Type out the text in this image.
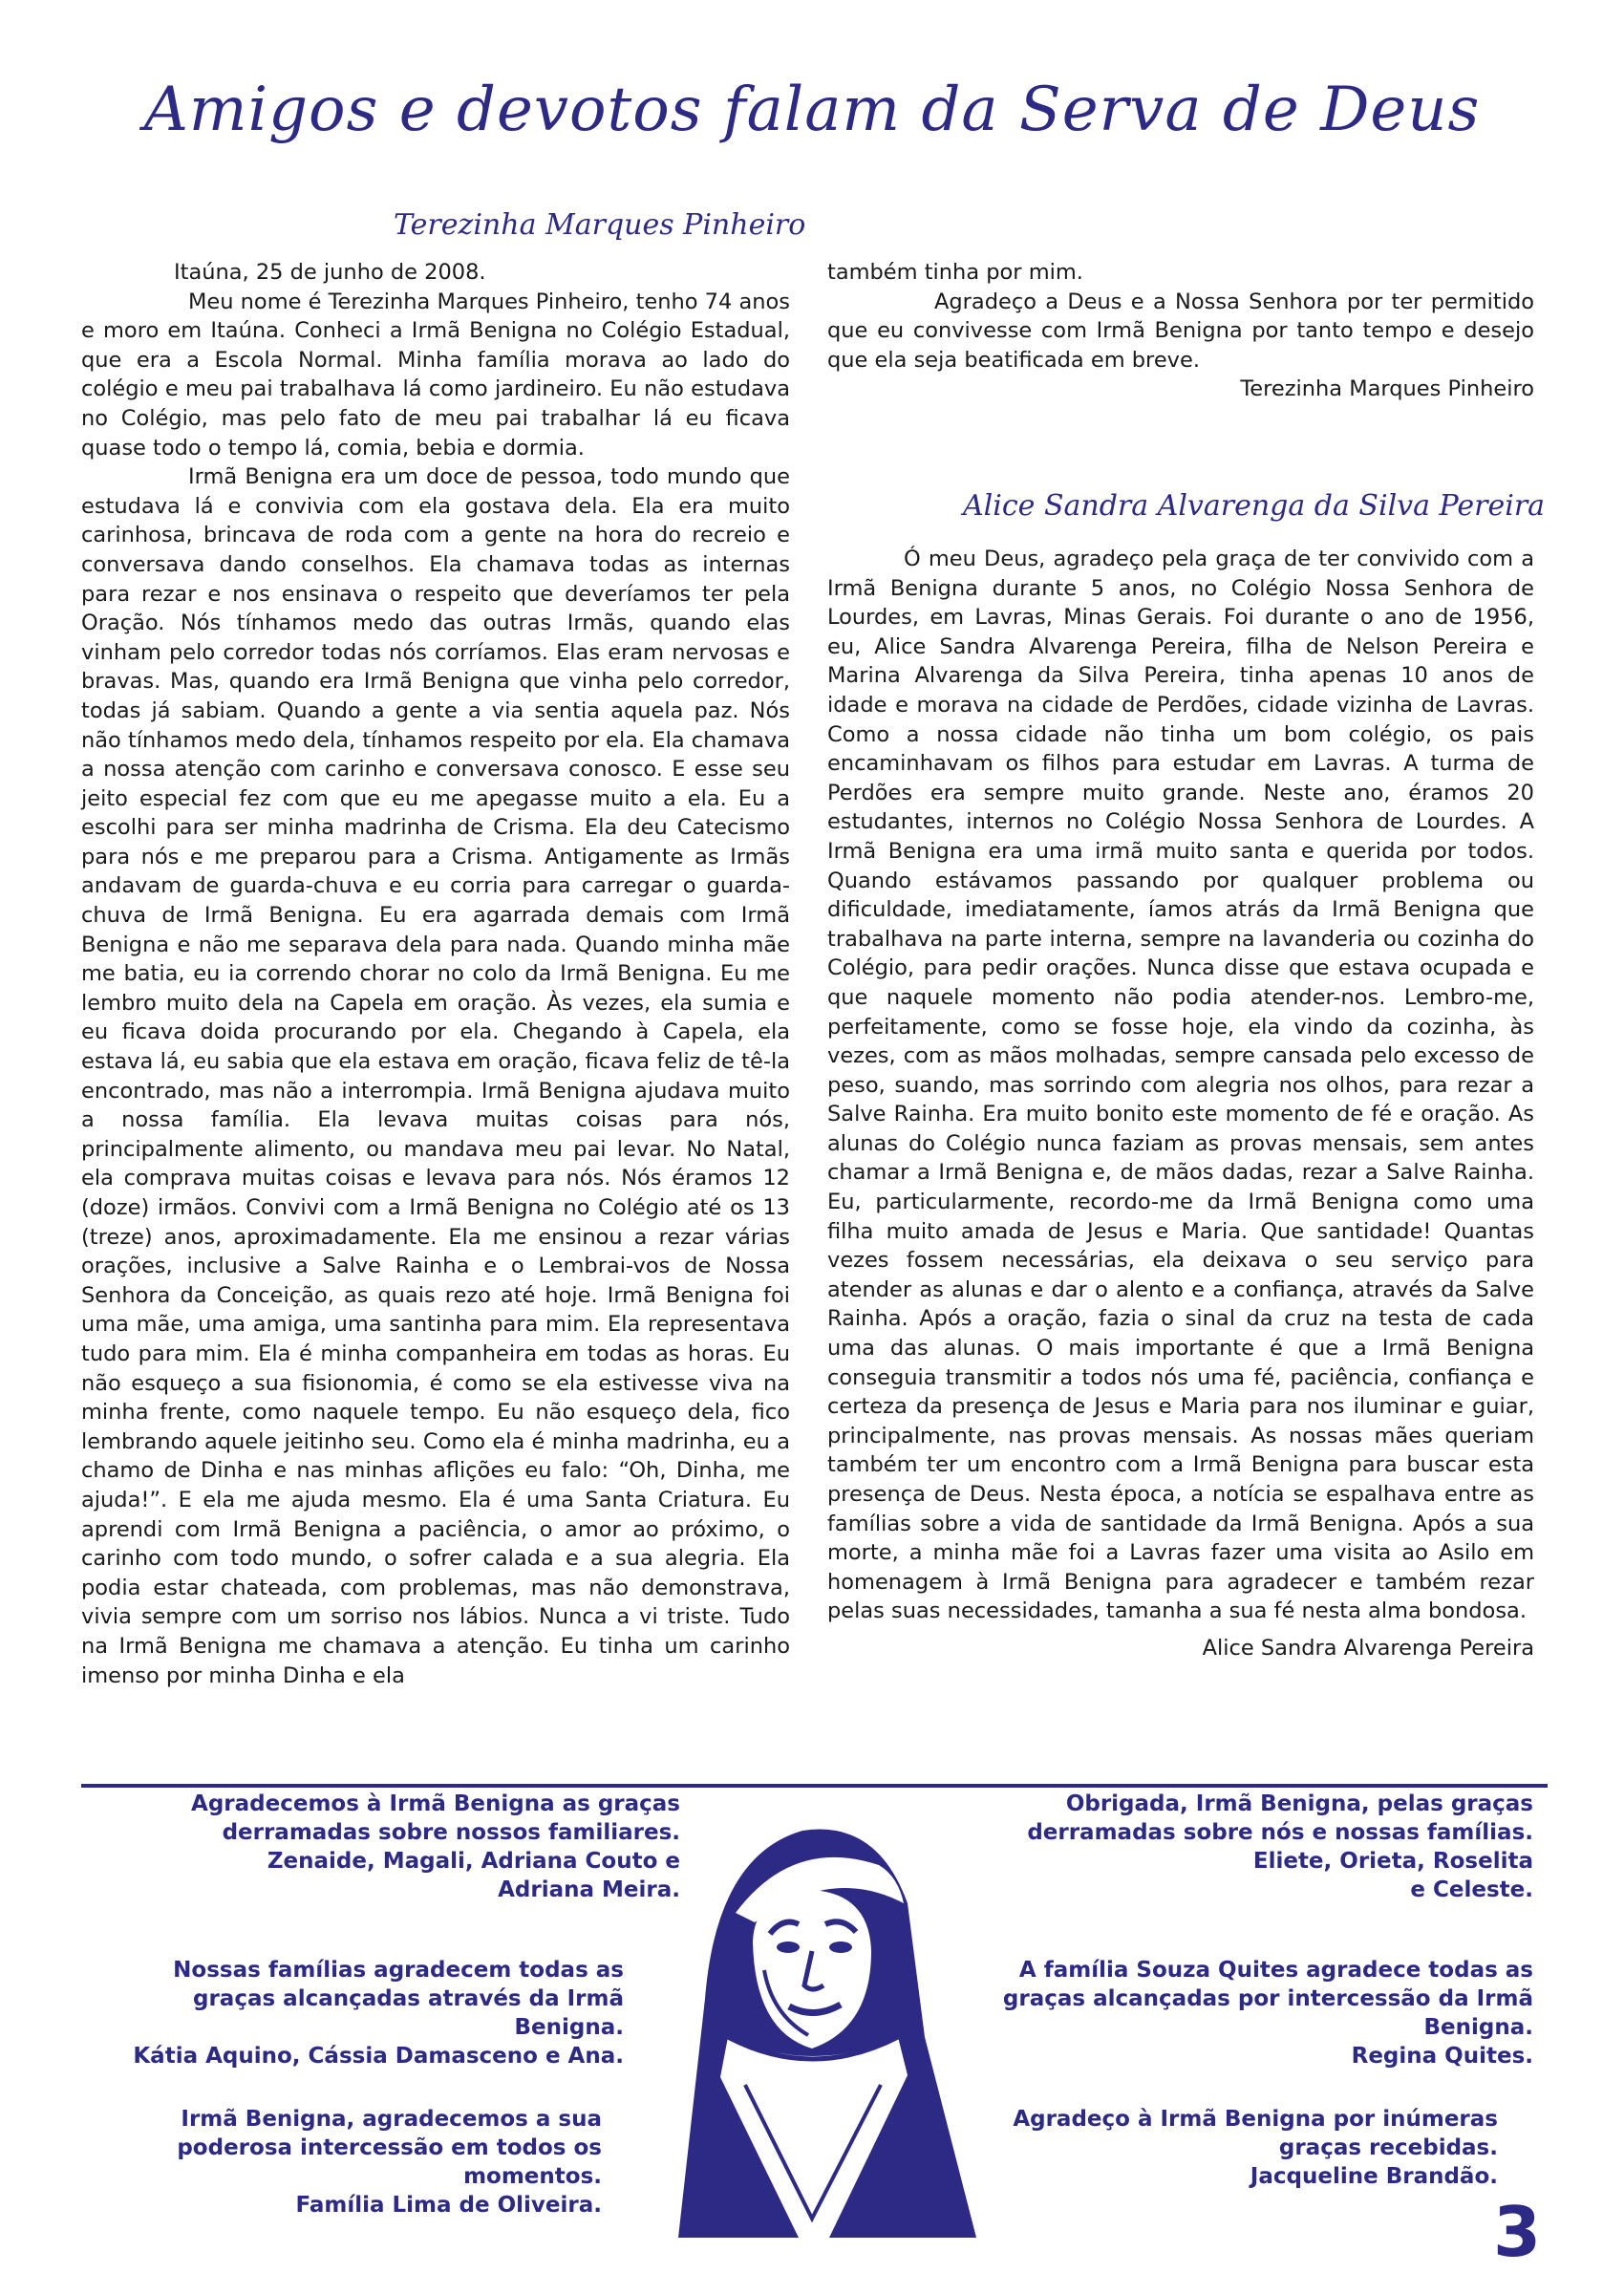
Amigos e devotos falam da Serva de Deus
Terezinha Marques Pinheiro

Itaúna, 25 de junho de 2008.

Meu nome é Terezinha Marques Pinheiro, tenho 74 anos e moro em Itaúna. Conheci a Irmã Benigna no Colégio Estadual, que era a Escola Normal. Minha família morava ao lado do colégio e meu pai trabalhava lá como jardineiro. Eu não estudava no Colégio, mas pelo fato de meu pai trabalhar lá eu ficava quase todo o tempo lá, comia, bebia e dormia.

Irmã Benigna era um doce de pessoa, todo mundo que estudava lá e convivia com ela gostava dela. Ela era muito carinhosa, brincava de roda com a gente na hora do recreio e conversava dando conselhos. Ela chamava todas as internas para rezar e nos ensinava o respeito que deveríamos ter pela Oração. Nós tínhamos medo das outras Irmãs, quando elas vinham pelo corredor todas nós corríamos. Elas eram nervosas e bravas. Mas, quando era Irmã Benigna que vinha pelo corredor, todas já sabiam. Quando a gente a via sentia aquela paz. Nós não tínhamos medo dela, tínhamos respeito por ela. Ela chamava a nossa atenção com carinho e conversava conosco. E esse seu jeito especial fez com que eu me apegasse muito a ela. Eu a escolhi para ser minha madrinha de Crisma. Ela deu Catecismo para nós e me preparou para a Crisma. Antigamente as Irmãs andavam de guarda-chuva e eu corria para carregar o guarda-chuva de Irmã Benigna. Eu era agarrada demais com Irmã Benigna e não me separava dela para nada. Quando minha mãe me batia, eu ia correndo chorar no colo da Irmã Benigna. Eu me lembro muito dela na Capela em oração. Às vezes, ela sumia e eu ficava doida procurando por ela. Chegando à Capela, ela estava lá, eu sabia que ela estava em oração, ficava feliz de tê-la encontrado, mas não a interrompia. Irmã Benigna ajudava muito a nossa família. Ela levava muitas coisas para nós, principalmente alimento, ou mandava meu pai levar. No Natal, ela comprava muitas coisas e levava para nós. Nós éramos 12 (doze) irmãos. Convivi com a Irmã Benigna no Colégio até os 13 (treze) anos, aproximadamente. Ela me ensinou a rezar várias orações, inclusive a Salve Rainha e o Lembrai-vos de Nossa Senhora da Conceição, as quais rezo até hoje. Irmã Benigna foi uma mãe, uma amiga, uma santinha para mim. Ela representava tudo para mim. Ela é minha companheira em todas as horas. Eu não esqueço a sua fisionomia, é como se ela estivesse viva na minha frente, como naquele tempo. Eu não esqueço dela, fico lembrando aquele jeitinho seu. Como ela é minha madrinha, eu a chamo de Dinha e nas minhas aflições eu falo: “Oh, Dinha, me ajuda!”. E ela me ajuda mesmo. Ela é uma Santa Criatura. Eu aprendi com Irmã Benigna a paciência, o amor ao próximo, o carinho com todo mundo, o sofrer calada e a sua alegria. Ela podia estar chateada, com problemas, mas não demonstrava, vivia sempre com um sorriso nos lábios. Nunca a vi triste. Tudo na Irmã Benigna me chamava a atenção. Eu tinha um carinho imenso por minha Dinha e ela

também tinha por mim.

Agradeço a Deus e a Nossa Senhora por ter permitido que eu convivesse com Irmã Benigna por tanto tempo e desejo que ela seja beatificada em breve.

Terezinha Marques Pinheiro

Alice Sandra Alvarenga da Silva Pereira

Ó meu Deus, agradeço pela graça de ter convivido com a Irmã Benigna durante 5 anos, no Colégio Nossa Senhora de Lourdes, em Lavras, Minas Gerais. Foi durante o ano de 1956, eu, Alice Sandra Alvarenga Pereira, filha de Nelson Pereira e Marina Alvarenga da Silva Pereira, tinha apenas 10 anos de idade e morava na cidade de Perdões, cidade vizinha de Lavras. Como a nossa cidade não tinha um bom colégio, os pais encaminhavam os filhos para estudar em Lavras. A turma de Perdões era sempre muito grande. Neste ano, éramos 20 estudantes, internos no Colégio Nossa Senhora de Lourdes. A Irmã Benigna era uma irmã muito santa e querida por todos. Quando estávamos passando por qualquer problema ou dificuldade, imediatamente, íamos atrás da Irmã Benigna que trabalhava na parte interna, sempre na lavanderia ou cozinha do Colégio, para pedir orações. Nunca disse que estava ocupada e que naquele momento não podia atender-nos. Lembro-me, perfeitamente, como se fosse hoje, ela vindo da cozinha, às vezes, com as mãos molhadas, sempre cansada pelo excesso de peso, suando, mas sorrindo com alegria nos olhos, para rezar a Salve Rainha. Era muito bonito este momento de fé e oração. As alunas do Colégio nunca faziam as provas mensais, sem antes chamar a Irmã Benigna e, de mãos dadas, rezar a Salve Rainha. Eu, particularmente, recordo-me da Irmã Benigna como uma filha muito amada de Jesus e Maria. Que santidade! Quantas vezes fossem necessárias, ela deixava o seu serviço para atender as alunas e dar o alento e a confiança, através da Salve Rainha. Após a oração, fazia o sinal da cruz na testa de cada uma das alunas. O mais importante é que a Irmã Benigna conseguia transmitir a todos nós uma fé, paciência, confiança e certeza da presença de Jesus e Maria para nos iluminar e guiar, principalmente, nas provas mensais. As nossas mães queriam também ter um encontro com a Irmã Benigna para buscar esta presença de Deus. Nesta época, a notícia se espalhava entre as famílias sobre a vida de santidade da Irmã Benigna. Após a sua morte, a minha mãe foi a Lavras fazer uma visita ao Asilo em homenagem à Irmã Benigna para agradecer e também rezar pelas suas necessidades, tamanha a sua fé nesta alma bondosa.

Alice Sandra Alvarenga Pereira

Agradecemos à Irmã Benigna as graças
derramadas sobre nossos familiares.
Zenaide, Magali, Adriana Couto e
Adriana Meira.
Nossas famílias agradecem todas as
graças alcançadas através da Irmã
Benigna.
Kátia Aquino, Cássia Damasceno e Ana.
Irmã Benigna, agradecemos a sua
poderosa intercessão em todos os
momentos.
Família Lima de Oliveira.
Obrigada, Irmã Benigna, pelas graças
derramadas sobre nós e nossas famílias.
Eliete, Orieta, Roselita
e Celeste.
A família Souza Quites agradece todas as
graças alcançadas por intercessão da Irmã
Benigna.
Regina Quites.
Agradeço à Irmã Benigna por inúmeras
graças recebidas.
Jacqueline Brandão.
3
